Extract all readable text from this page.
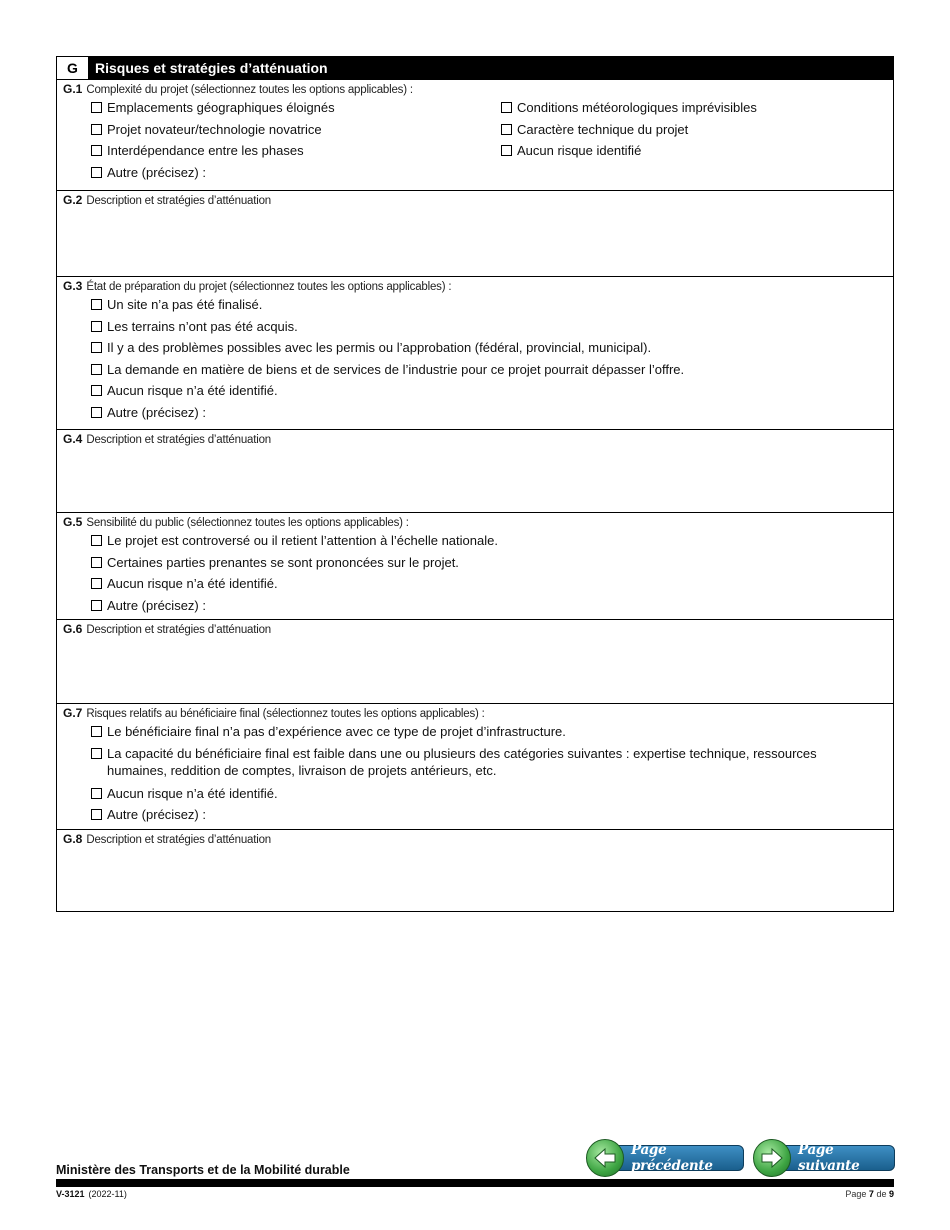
G	Risques et stratégies d’atténuation
G.1 Complexité du projet (sélectionnez toutes les options applicables) :
Emplacements géographiques éloignés
Projet novateur/technologie novatrice
Interdépendance entre les phases
Autre (précisez) :
Conditions météorologiques imprévisibles
Caractère technique du projet
Aucun risque identifié
G.2 Description et stratégies d’atténuation
G.3 État de préparation du projet (sélectionnez toutes les options applicables) :
Un site n’a pas été finalisé.
Les terrains n’ont pas été acquis.
Il y a des problèmes possibles avec les permis ou l’approbation (fédéral, provincial, municipal).
La demande en matière de biens et de services de l’industrie pour ce projet pourrait dépasser l’offre.
Aucun risque n’a été identifié.
Autre (précisez) :
G.4 Description et stratégies d’atténuation
G.5 Sensibilité du public (sélectionnez toutes les options applicables) :
Le projet est controversé ou il retient l’attention à l’échelle nationale.
Certaines parties prenantes se sont prononcées sur le projet.
Aucun risque n’a été identifié.
Autre (précisez) :
G.6 Description et stratégies d’atténuation
G.7 Risques relatifs au bénéficiaire final (sélectionnez toutes les options applicables) :
Le bénéficiaire final n’a pas d’expérience avec ce type de projet d’infrastructure.
La capacité du bénéficiaire final est faible dans une ou plusieurs des catégories suivantes : expertise technique, ressources humaines, reddition de comptes, livraison de projets antérieurs, etc.
Aucun risque n’a été identifié.
Autre (précisez) :
G.8 Description et stratégies d’atténuation
Page précédente
Page suivante
Ministère des Transports et de la Mobilité durable
V-3121 (2022-11)	Page 7 de 9
